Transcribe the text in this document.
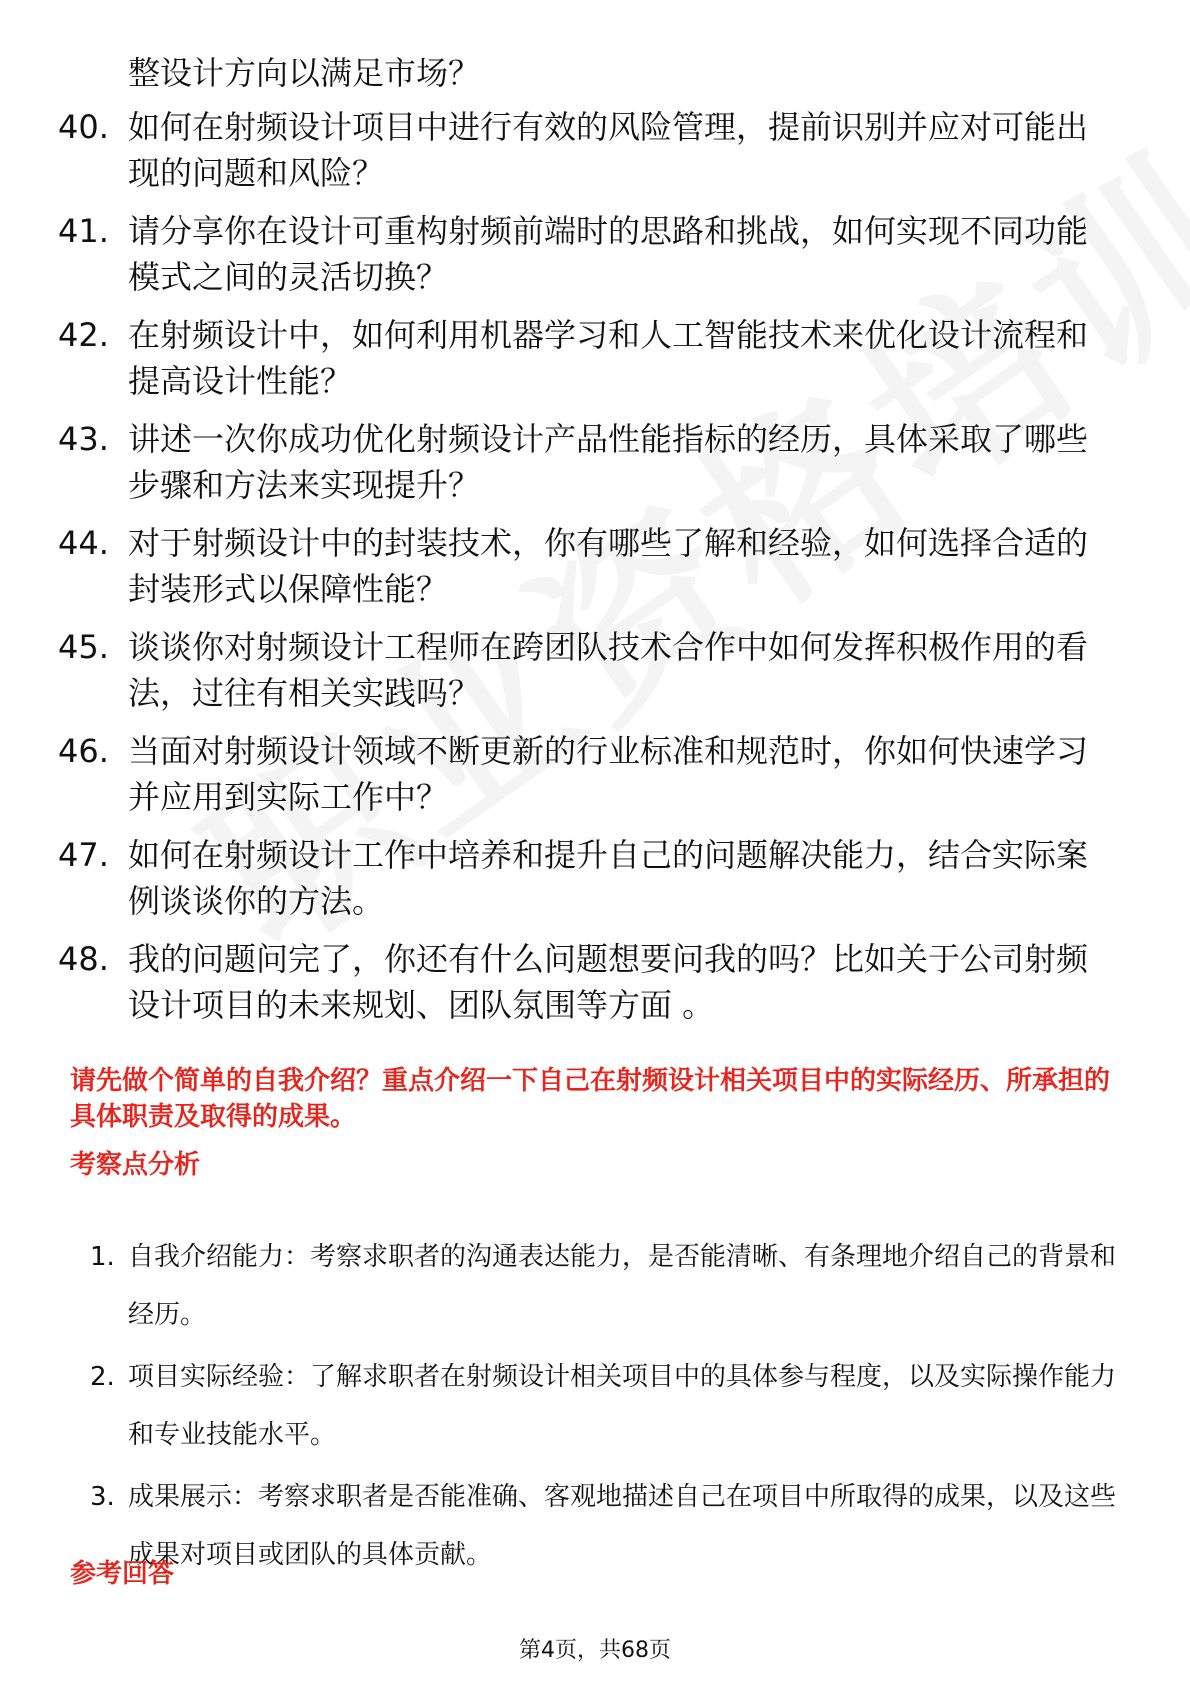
整设计方向以满足市场？

40. 如何在射频设计项目中进行有效的风险管理，提前识别并应对可能出现的问题和风险？
41. 请分享你在设计可重构射频前端时的思路和挑战，如何实现不同功能模式之间的灵活切换？
42. 在射频设计中，如何利用机器学习和人工智能技术来优化设计流程和提高设计性能？
43. 讲述一次你成功优化射频设计产品性能指标的经历，具体采取了哪些步骤和方法来实现提升？
44. 对于射频设计中的封装技术，你有哪些了解和经验，如何选择合适的封装形式以保障性能？
45. 谈谈你对射频设计工程师在跨团队技术合作中如何发挥积极作用的看法，过往有相关实践吗？
46. 当面对射频设计领域不断更新的行业标准和规范时，你如何快速学习并应用到实际工作中？
47. 如何在射频设计工作中培养和提升自己的问题解决能力，结合实际案例谈谈你的方法。
48. 我的问题问完了，你还有什么问题想要问我的吗？比如关于公司射频设计项目的未来规划、团队氛围等方面 。

请先做个简单的自我介绍？重点介绍一下自己在射频设计相关项目中的实际经历、所承担的具体职责及取得的成果。

考察点分析

1. 自我介绍能力：考察求职者的沟通表达能力，是否能清晰、有条理地介绍自己的背景和经历。
2. 项目实际经验：了解求职者在射频设计相关项目中的具体参与程度，以及实际操作能力和专业技能水平。
3. 成果展示：考察求职者是否能准确、客观地描述自己在项目中所取得的成果，以及这些成果对项目或团队的具体贡献。

参考回答

第4页，共68页
